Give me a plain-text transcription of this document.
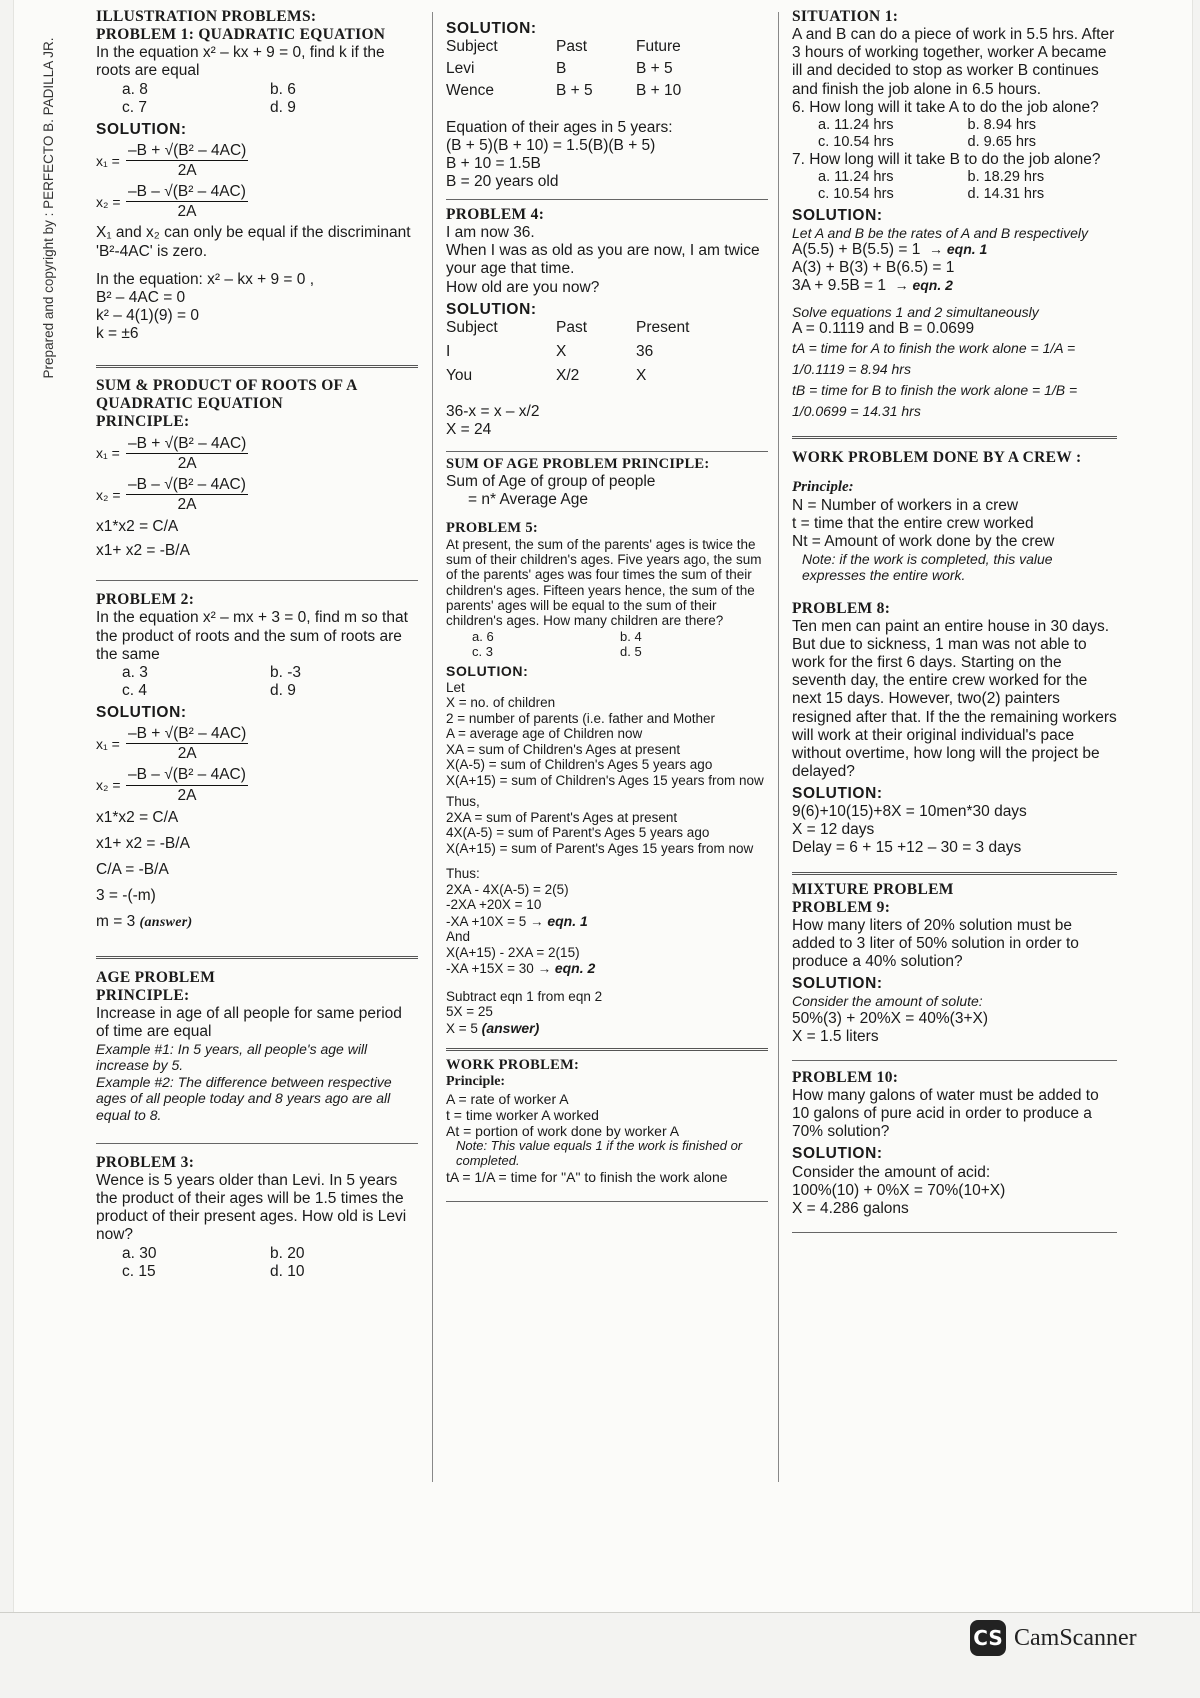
Prepared and copyright by : PERFECTO B. PADILLA JR.
ILLUSTRATION PROBLEMS:
PROBLEM 1: QUADRATIC EQUATION

In the equation x² – kx + 9 = 0, find k if the roots are equal

a. 8	b. 6
c. 7	d. 9
SOLUTION:
$x_1 = \frac{\text{–B + √(B² – 4AC)}}{2A}$
$x_2 = \frac{\text{–B – √(B² – 4AC)}}{2A}$

X₁ and x₂ can only be equal if the discriminant 'B²-4AC' is zero.

In the equation: x² – kx + 9 = 0 ,

B² – 4AC = 0

k² – 4(1)(9) = 0

k = ±6

SUM & PRODUCT OF ROOTS OF A QUADRATIC EQUATION
PRINCIPLE:
$x_1 = \frac{\text{–B + √(B² – 4AC)}}{2A}$
$x_2 = \frac{\text{–B – √(B² – 4AC)}}{2A}$

x1*x2 = C/A

x1+ x2 = -B/A

PROBLEM 2:

In the equation x² – mx + 3 = 0, find m so that the product of roots and the sum of roots are the same

a. 3	b. -3
c. 4	d. 9
SOLUTION:
$x_1 = \frac{\text{–B + √(B² – 4AC)}}{2A}$
$x_2 = \frac{\text{–B – √(B² – 4AC)}}{2A}$

x1*x2 = C/A

x1+ x2 = -B/A

C/A = -B/A

3 = -(-m)

m = 3 (answer)

AGE PROBLEM
PRINCIPLE:

Increase in age of all people for same period of time are equal

Example #1: In 5 years, all people's age will increase by 5.

Example #2: The difference between respective ages of all people today and 8 years ago are all equal to 8.

PROBLEM 3:

Wence is 5 years older than Levi. In 5 years the product of their ages will be 1.5 times the product of their present ages. How old is Levi now?

a. 30	b. 20
c. 15	d. 10
SOLUTION:
Subject	Past	Future
Levi	B	B + 5
Wence	B + 5	B + 10

Equation of their ages in 5 years:

(B + 5)(B + 10) = 1.5(B)(B + 5)

B + 10 = 1.5B

B = 20 years old

PROBLEM 4:

I am now 36.

When I was as old as you are now, I am twice your age that time.

How old are you now?

SOLUTION:
Subject	Past	Present
I	X	36
You	X/2	X

36-x = x – x/2

X = 24

SUM OF AGE PROBLEM PRINCIPLE:

Sum of Age of group of people

= n* Average Age

PROBLEM 5:

At present, the sum of the parents' ages is twice the sum of their children's ages. Five years ago, the sum of the parents' ages was four times the sum of their children's ages. Fifteen years hence, the sum of the parents' ages will be equal to the sum of their children's ages. How many children are there?

a. 6	b. 4
c. 3	d. 5
SOLUTION:

Let

X = no. of children

2 = number of parents (i.e. father and Mother

A = average age of Children now

XA = sum of Children's Ages at present

X(A-5) = sum of Children's Ages 5 years ago

X(A+15) = sum of Children's Ages 15 years from now

Thus,

2XA = sum of Parent's Ages at present

4X(A-5) = sum of Parent's Ages 5 years ago

X(A+15) = sum of Parent's Ages 15 years from now

Thus:

2XA - 4X(A-5) = 2(5)

-2XA +20X = 10

-XA +10X = 5 → eqn. 1

And

X(A+15) - 2XA = 2(15)

-XA +15X = 30 → eqn. 2

Subtract eqn 1 from eqn 2

5X = 25

X = 5 (answer)

WORK PROBLEM:
Principle:

A = rate of worker A

t = time worker A worked

At = portion of work done by worker A

Note: This value equals 1 if the work is finished or completed.

tA = 1/A = time for "A" to finish the work alone

SITUATION 1:

A and B can do a piece of work in 5.5 hrs. After 3 hours of working together, worker A became ill and decided to stop as worker B continues and finish the job alone in 6.5 hours.

6. How long will it take A to do the job alone?

a. 11.24 hrs	b. 8.94 hrs
c. 10.54 hrs	d. 9.65 hrs

7. How long will it take B to do the job alone?

a. 11.24 hrs	b. 18.29 hrs
c. 10.54 hrs	d. 14.31 hrs
SOLUTION:

Let A and B be the rates of A and B respectively

A(5.5) + B(5.5) = 1 → eqn. 1

A(3) + B(3) + B(6.5) = 1

3A + 9.5B = 1 → eqn. 2

Solve equations 1 and 2 simultaneously

A = 0.1119 and B = 0.0699

tA = time for A to finish the work alone = 1/A = 1/0.1119 = 8.94 hrs

tB = time for B to finish the work alone = 1/B = 1/0.0699 = 14.31 hrs

WORK PROBLEM DONE BY A CREW :
Principle:

N = Number of workers in a crew

t = time that the entire crew worked

Nt = Amount of work done by the crew

Note: if the work is completed, this value expresses the entire work.

PROBLEM 8:

Ten men can paint an entire house in 30 days. But due to sickness, 1 man was not able to work for the first 6 days. Starting on the seventh day, the entire crew worked for the next 15 days. However, two(2) painters resigned after that. If the the remaining workers will work at their original individual's pace without overtime, how long will the project be delayed?

SOLUTION:

9(6)+10(15)+8X = 10men*30 days

X = 12 days

Delay = 6 + 15 +12 – 30 = 3 days

MIXTURE PROBLEM
PROBLEM 9:

How many liters of 20% solution must be added to 3 liter of 50% solution in order to produce a 40% solution?

SOLUTION:

Consider the amount of solute:

50%(3) + 20%X = 40%(3+X)

X = 1.5 liters

PROBLEM 10:

How many galons of water must be added to 10 galons of pure acid in order to produce a 70% solution?

SOLUTION:

Consider the amount of acid:

100%(10) + 0%X = 70%(10+X)

X = 4.286 galons

CS CamScanner
